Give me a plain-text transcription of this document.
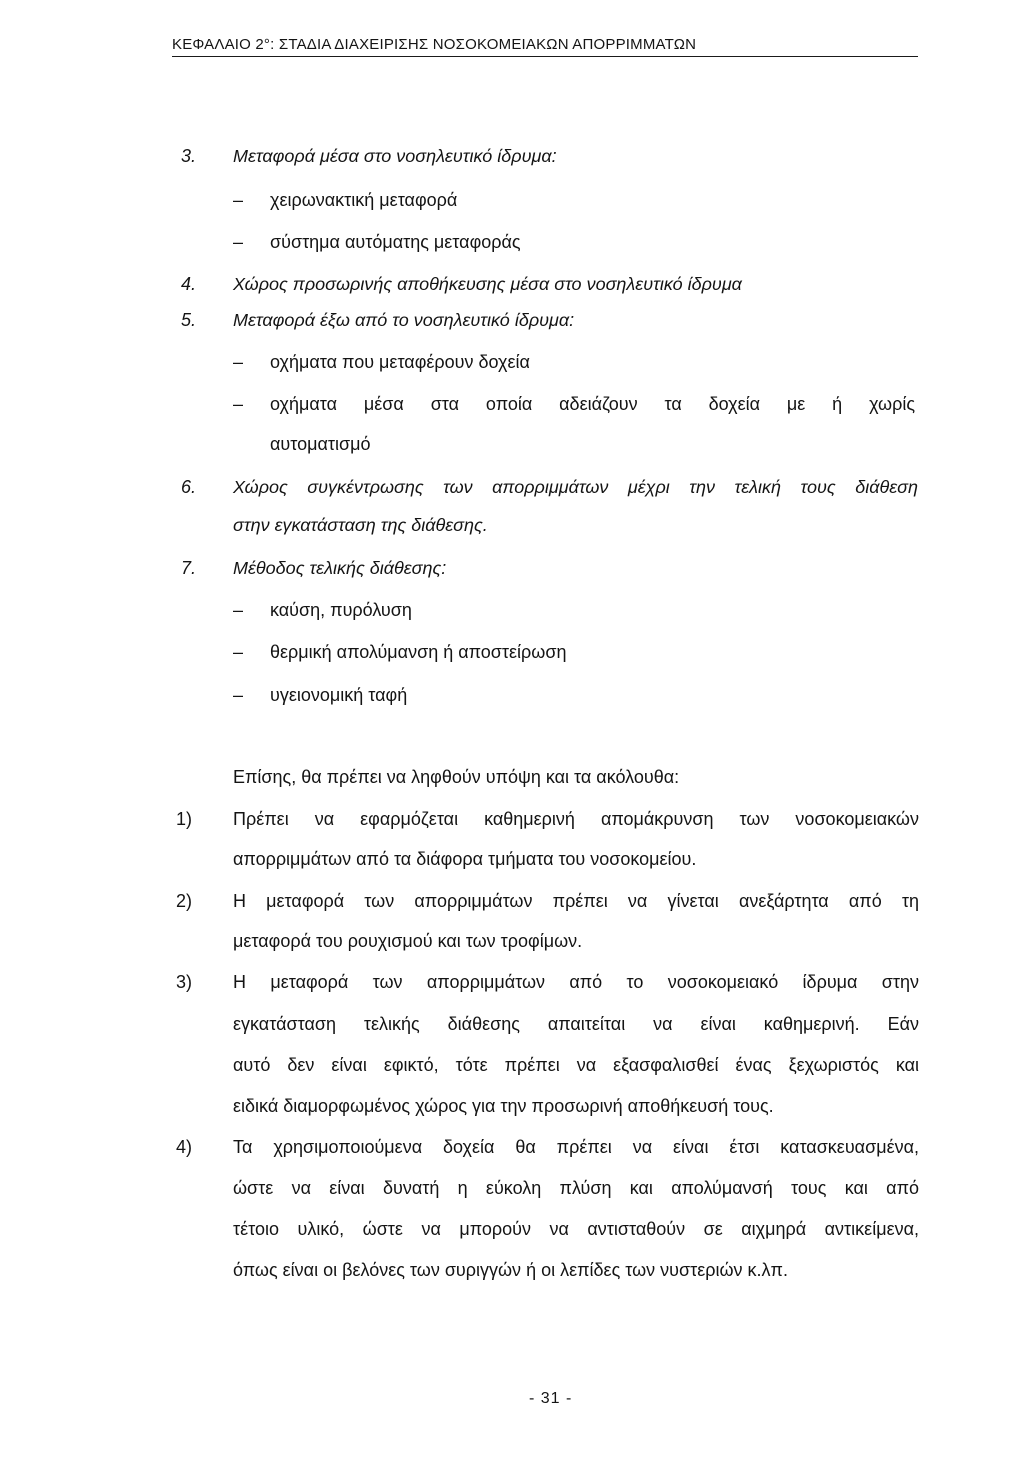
ΚΕΦΑΛΑΙΟ 2°: ΣΤΑΔΙΑ ΔΙΑΧΕΙΡΙΣΗΣ ΝΟΣΟΚΟΜΕΙΑΚΩΝ ΑΠΟΡΡΙΜΜΑΤΩΝ
3. Μεταφορά μέσα στο νοσηλευτικό ίδρυμα:
– χειρωνακτική μεταφορά
– σύστημα αυτόματης μεταφοράς
4. Χώρος προσωρινής αποθήκευσης μέσα στο νοσηλευτικό ίδρυμα
5. Μεταφορά έξω από το νοσηλευτικό ίδρυμα:
– οχήματα που μεταφέρουν δοχεία
– οχήματα μέσα στα οποία αδειάζουν τα δοχεία με ή χωρίς
αυτοματισμό
6. Χώρος συγκέντρωσης των απορριμμάτων μέχρι την τελική τους διάθεση
στην εγκατάσταση της διάθεσης.
7. Μέθοδος τελικής διάθεσης:
– καύση, πυρόλυση
– θερμική απολύμανση ή αποστείρωση
– υγειονομική ταφή
Επίσης, θα πρέπει να ληφθούν υπόψη και τα ακόλουθα:
1) Πρέπει να εφαρμόζεται καθημερινή απομάκρυνση των νοσοκομειακών
απορριμμάτων από τα διάφορα τμήματα του νοσοκομείου.
2) Η μεταφορά των απορριμμάτων πρέπει να γίνεται ανεξάρτητα από τη
μεταφορά του ρουχισμού και των τροφίμων.
3) Η μεταφορά των απορριμμάτων από το νοσοκομειακό ίδρυμα στην
εγκατάσταση τελικής διάθεσης απαιτείται να είναι καθημερινή. Εάν
αυτό δεν είναι εφικτό, τότε πρέπει να εξασφαλισθεί ένας ξεχωριστός και
ειδικά διαμορφωμένος χώρος για την προσωρινή αποθήκευσή τους.
4) Τα χρησιμοποιούμενα δοχεία θα πρέπει να είναι έτσι κατασκευασμένα,
ώστε να είναι δυνατή η εύκολη πλύση και απολύμανσή τους και από
τέτοιο υλικό, ώστε να μπορούν να αντισταθούν σε αιχμηρά αντικείμενα,
όπως είναι οι βελόνες των συριγγών ή οι λεπίδες των νυστεριών κ.λπ.
- 31 -
